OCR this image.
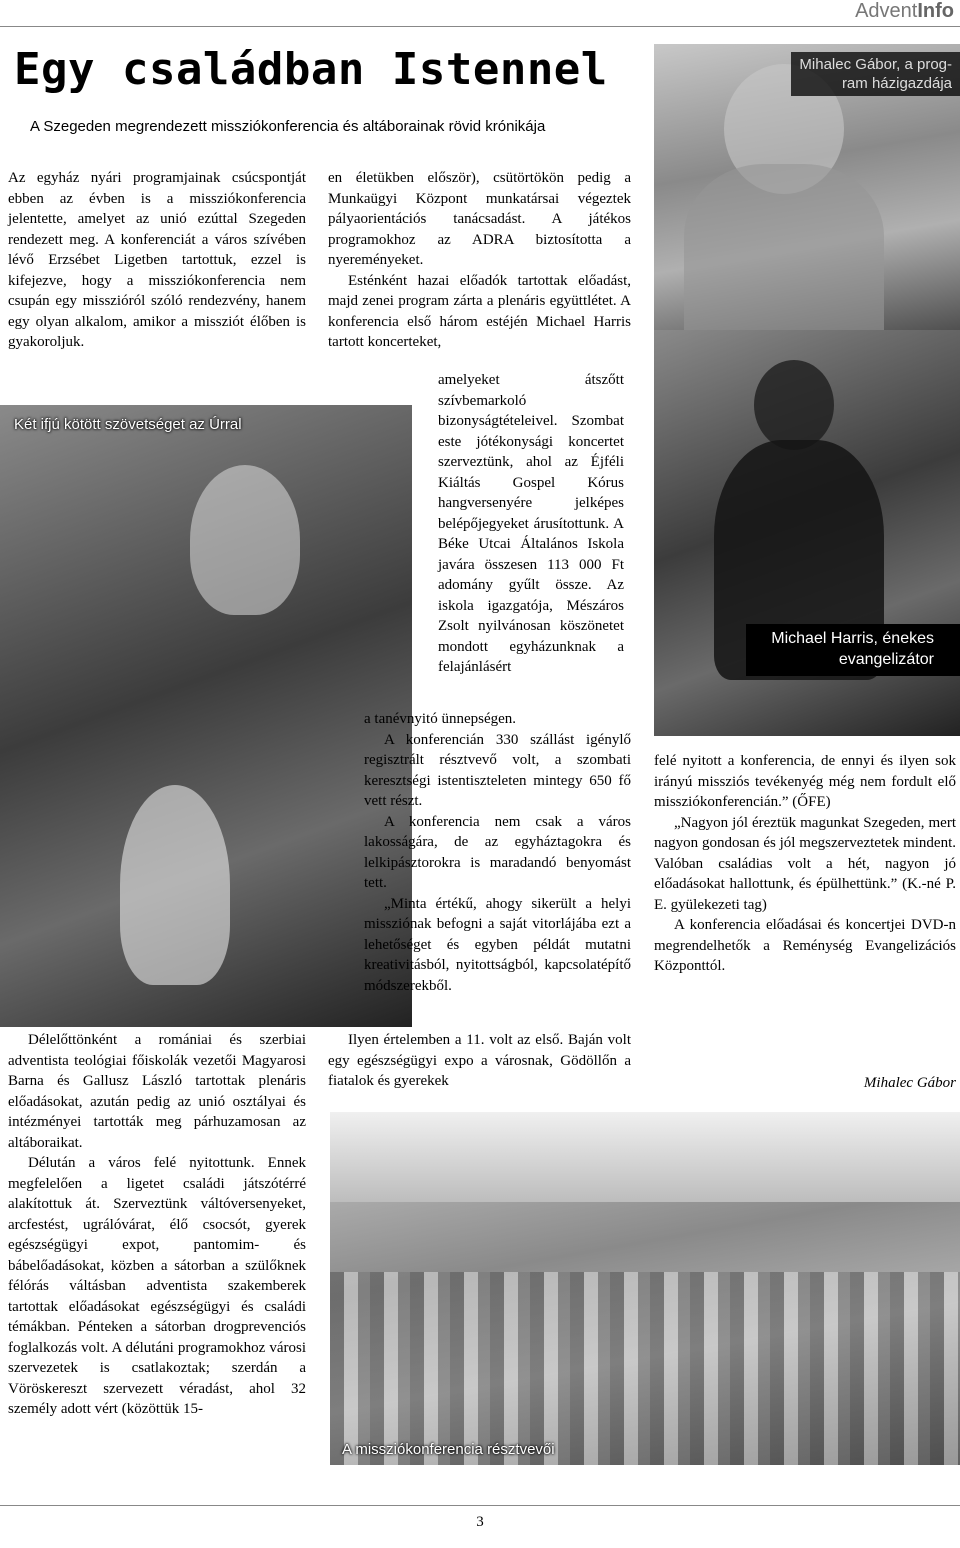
AdventInfo
Egy családban Istennel
A Szegeden megrendezett missziókonferencia és altáborainak rövid krónikája

Az egyház nyári programjainak csúcspontját ebben az évben is a missziókonferencia jelentette, amelyet az unió ezúttal Szegeden rendezett meg. A konferenciát a város szívében lévő Erzsébet Ligetben tartottuk, ezzel is kifejezve, hogy a missziókonferencia nem csupán egy misszióról szóló rendezvény, hanem egy olyan alkalom, amikor a missziót élőben is gyakoroljuk.

Két ifjú kötött szövetséget az Úrral

Délelőttönként a romániai és szerbiai adventista teológiai főiskolák vezetői Magyarosi Barna és Gallusz László tartottak plenáris előadásokat, azután pedig az unió osztályai és intézményei tartották meg párhuzamosan az altáboraikat.

Délután a város felé nyitottunk. Ennek megfelelően a ligetet családi játszótérré alakítottuk át. Szerveztünk váltóversenyeket, arcfestést, ugrálóvárat, élő csocsót, gyerek egészségügyi expot, pantomim- és bábelőadásokat, közben a sátorban a szülőknek félórás váltásban adventista szakemberek tartottak előadásokat egészségügyi és családi témákban. Pénteken a sátorban drogprevenciós foglalkozás volt. A délutáni programokhoz városi szervezetek is csatlakoztak; szerdán a Vöröskereszt szervezett véradást, ahol 32 személy adott vért (közöttük 15-

en életükben először), csütörtökön pedig a Munkaügyi Központ munkatársai végeztek pályaorientációs tanácsadást. A játékos programokhoz az ADRA biztosította a nyereményeket.

Esténként hazai előadók tartottak előadást, majd zenei program zárta a plenáris együttlétet. A konferencia első három estéjén Michael Harris tartott koncerteket,

amelyeket átszőtt szívbemarkoló bizonyságtételeivel. Szombat este jótékonysági koncertet szerveztünk, ahol az Éjféli Kiáltás Gospel Kórus hangversenyére jelképes belépőjegyeket árusítottunk. A Béke Utcai Általános Iskola javára összesen 113 000 Ft adomány gyűlt össze. Az iskola igazgatója, Mészáros Zsolt nyilvánosan köszönetet mondott egyházunknak a felajánlásért

a tanévnyitó ünnepségen.

A konferencián 330 szállást igénylő regisztrált résztvevő volt, a szombati keresztségi istentiszteleten mintegy 650 fő vett részt.

A konferencia nem csak a város lakosságára, de az egyháztagokra és lelkipásztorokra is maradandó benyomást tett.

„Minta értékű, ahogy sikerült a helyi missziónak befogni a saját vitorlájába ezt a lehetőséget és egyben példát mutatni kreativitásból, nyitottságból, kapcsolatépítő módszerekből.

Ilyen értelemben a 11. volt az első. Baján volt egy egészségügyi expo a városnak, Gödöllőn a fiatalok és gyerekek

Mihalec Gábor, a prog-
ram házigazdája
Michael Harris, énekes
evangelizátor

felé nyitott a konferencia, de ennyi és ilyen sok irányú missziós tevékenyég még nem fordult elő missziókonferencián.” (ŐFE)

„Nagyon jól éreztük magunkat Szegeden, mert nagyon gondosan és jól megszerveztetek mindent. Valóban családias volt a hét, nagyon jó előadásokat hallottunk, és épülhettünk.” (K.-né P. E. gyülekezeti tag)

A konferencia előadásai és koncertjei DVD-n megrendelhetők a Reménység Evangelizációs Központtól.

Mihalec Gábor
A missziókonferencia résztvevői
3
